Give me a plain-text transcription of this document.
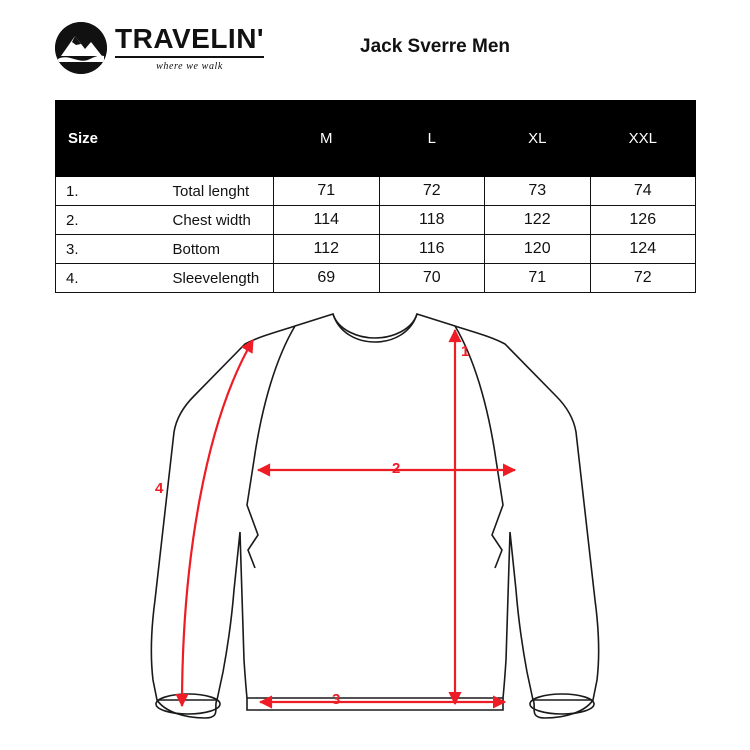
TRAVELIN'
where we walk
Jack Sverre Men
Size		M	L	XL	XXL
1.	Total lenght	71	72	73	74
2.	Chest width	114	118	122	126
3.	Bottom	112	116	120	124
4.	Sleevelength	69	70	71	72
1
2
3
4
